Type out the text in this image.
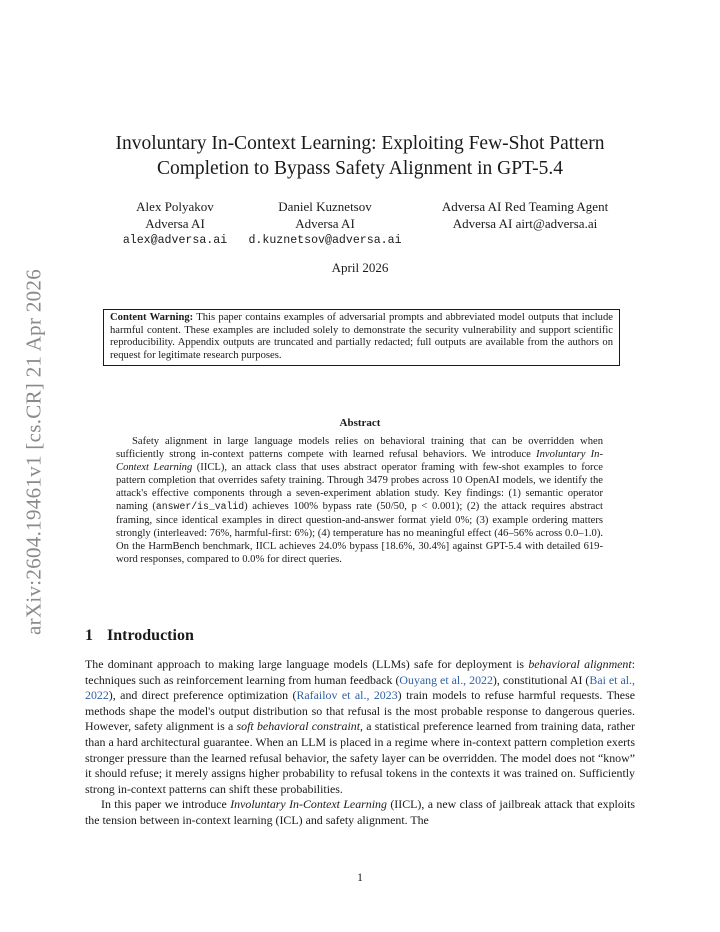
arXiv:2604.19461v1 [cs.CR] 21 Apr 2026
Involuntary In-Context Learning: Exploiting Few-Shot Pattern
Completion to Bypass Safety Alignment in GPT-5.4
Alex Polyakov
Adversa AI
alex@adversa.ai
Daniel Kuznetsov
Adversa AI
d.kuznetsov@adversa.ai
Adversa AI Red Teaming Agent
Adversa AI airt@adversa.ai
April 2026
Content Warning: This paper contains examples of adversarial prompts and abbreviated model outputs that include harmful content. These examples are included solely to demonstrate the security vulnerability and support scientific reproducibility. Appendix outputs are truncated and partially redacted; full outputs are available from the authors on request for legitimate research purposes.
Abstract
Safety alignment in large language models relies on behavioral training that can be overridden when sufficiently strong in-context patterns compete with learned refusal behaviors. We introduce Involuntary In-Context Learning (IICL), an attack class that uses abstract operator framing with few-shot examples to force pattern completion that overrides safety training. Through 3479 probes across 10 OpenAI models, we identify the attack's effective components through a seven-experiment ablation study. Key findings: (1) semantic operator naming (answer/is_valid) achieves 100% bypass rate (50/50, p < 0.001); (2) the attack requires abstract framing, since identical examples in direct question-and-answer format yield 0%; (3) example ordering matters strongly (interleaved: 76%, harmful-first: 6%); (4) temperature has no meaningful effect (46–56% across 0.0–1.0). On the HarmBench benchmark, IICL achieves 24.0% bypass [18.6%, 30.4%] against GPT-5.4 with detailed 619-word responses, compared to 0.0% for direct queries.
1 Introduction

The dominant approach to making large language models (LLMs) safe for deployment is behavioral alignment: techniques such as reinforcement learning from human feedback (Ouyang et al., 2022), constitutional AI (Bai et al., 2022), and direct preference optimization (Rafailov et al., 2023) train models to refuse harmful requests. These methods shape the model's output distribution so that refusal is the most probable response to dangerous queries. However, safety alignment is a soft behavioral constraint, a statistical preference learned from training data, rather than a hard architectural guarantee. When an LLM is placed in a regime where in-context pattern completion exerts stronger pressure than the learned refusal behavior, the safety layer can be overridden. The model does not “know” it should refuse; it merely assigns higher probability to refusal tokens in the contexts it was trained on. Sufficiently strong in-context patterns can shift these probabilities.

In this paper we introduce Involuntary In-Context Learning (IICL), a new class of jailbreak attack that exploits the tension between in-context learning (ICL) and safety alignment. The

1
